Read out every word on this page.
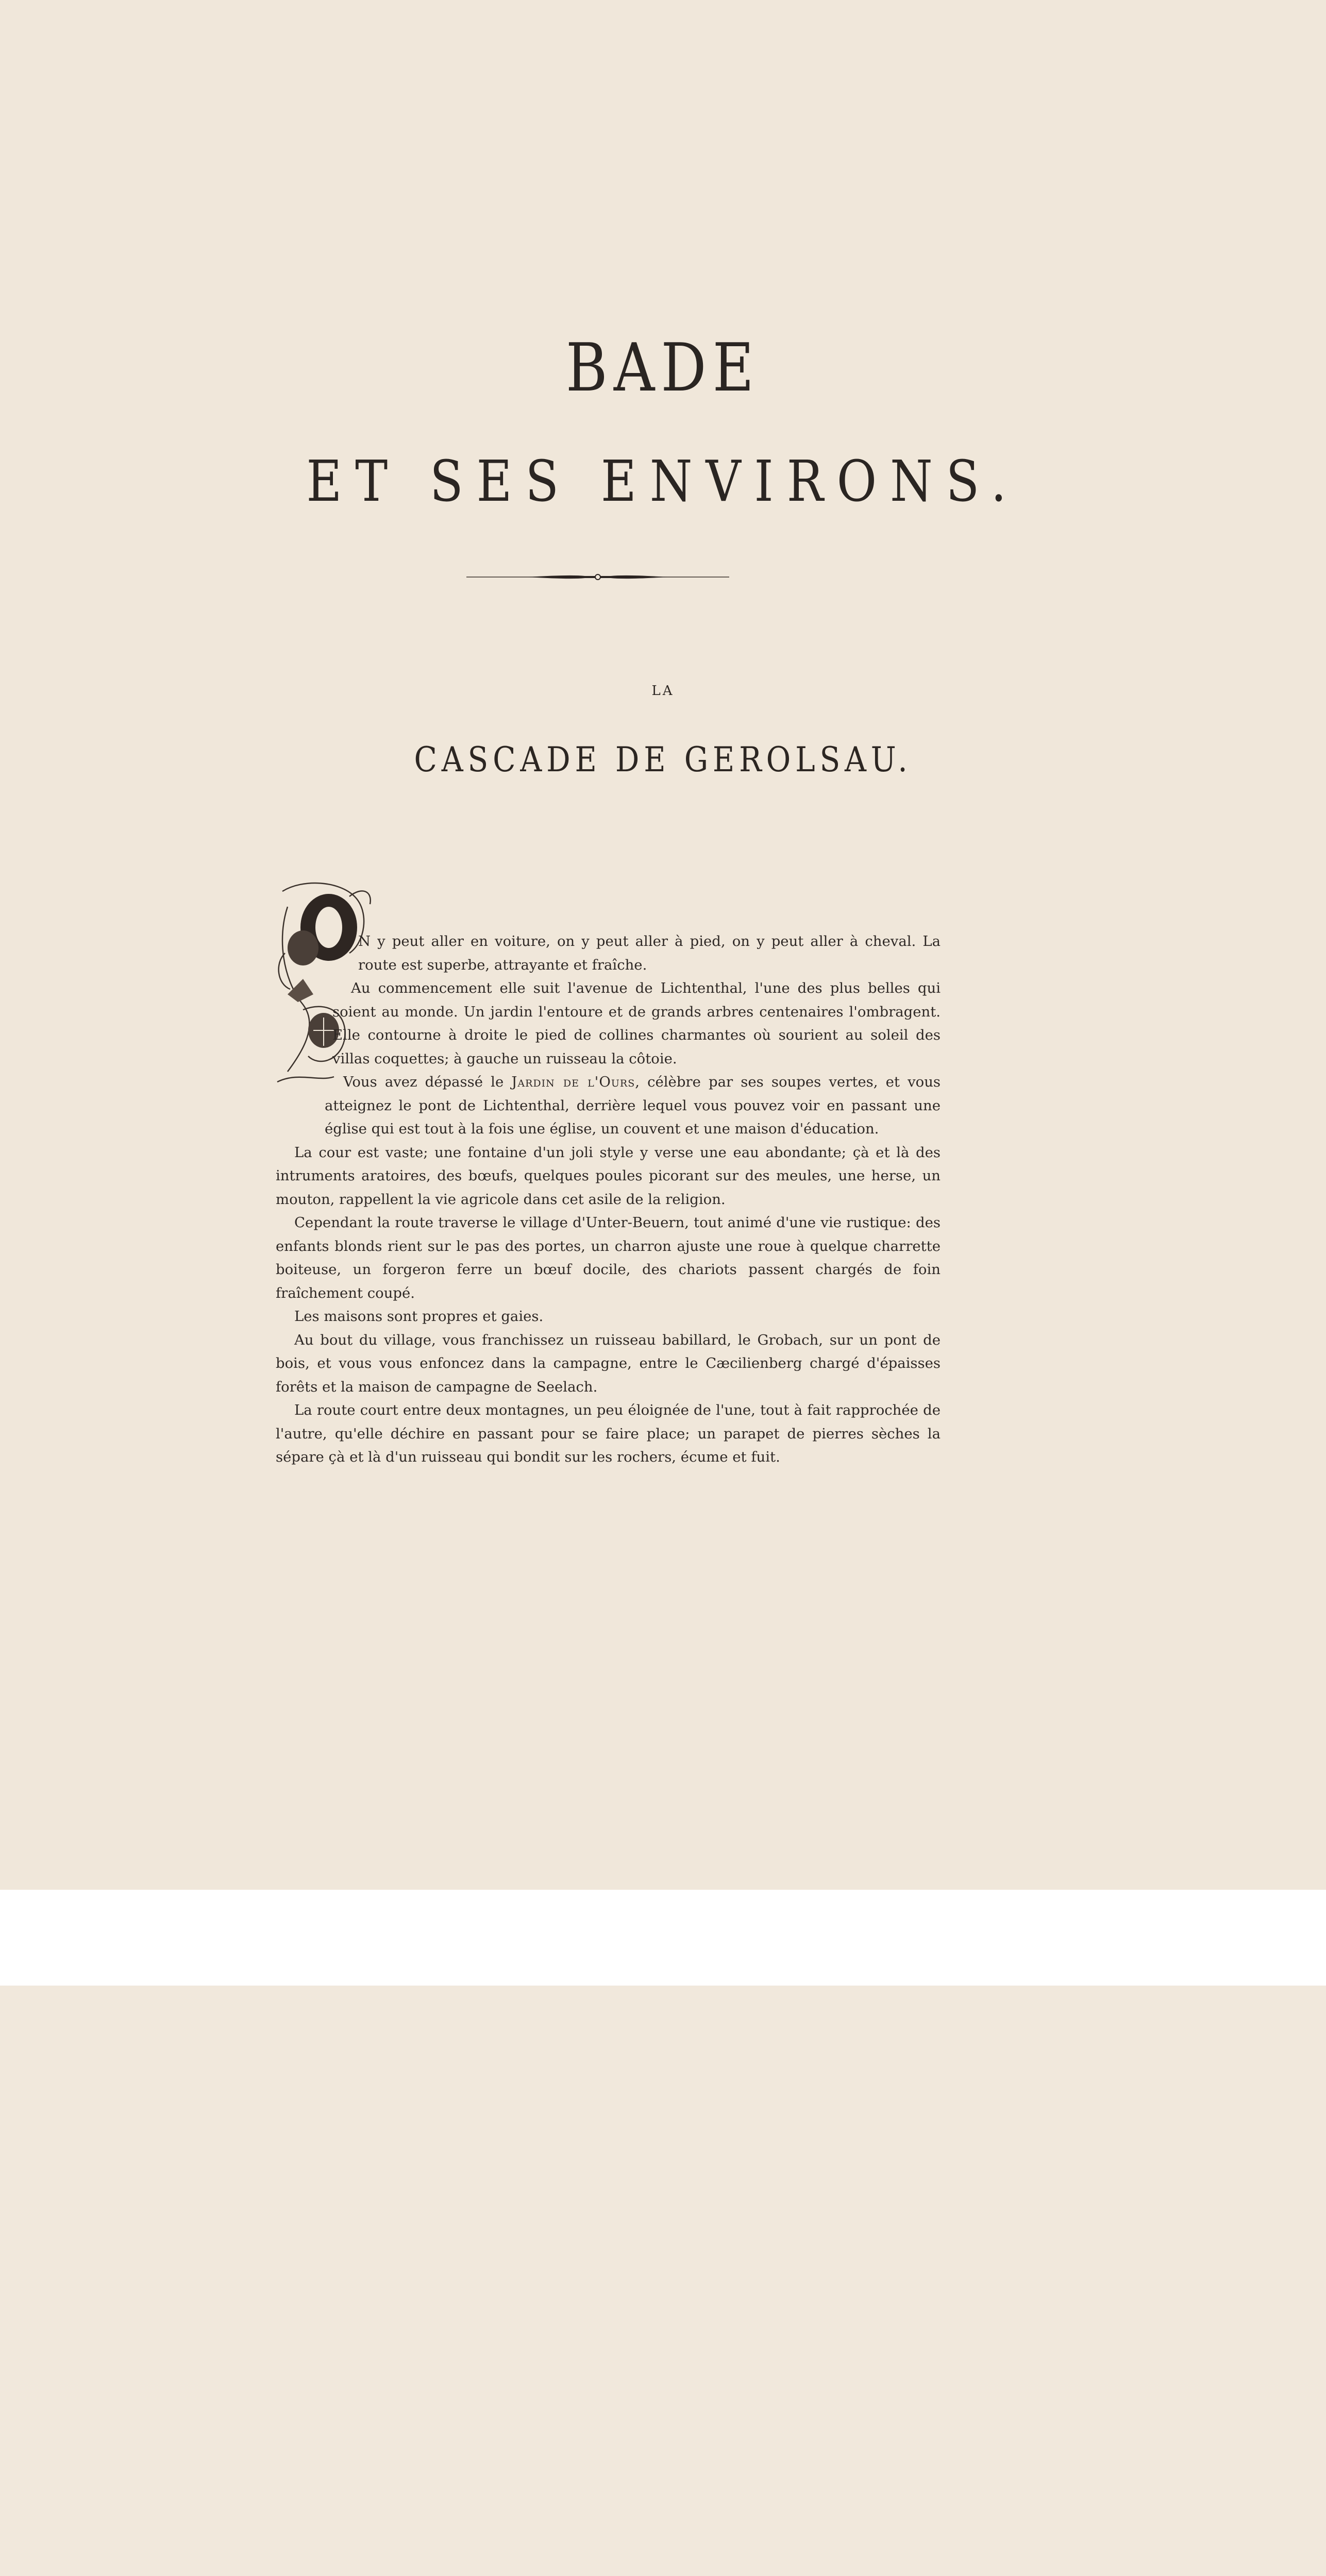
BADE
ET SES ENVIRONS.
LA
CASCADE DE GEROLSAU.

N y peut aller en voiture, on y peut aller à pied, on y peut aller à cheval. La route est superbe, attrayante et fraîche.

Au commencement elle suit l'avenue de Lichtenthal, l'une des plus belles qui soient au monde. Un jardin l'entoure et de grands arbres centenaires l'ombragent. Elle contourne à droite le pied de collines charmantes où sourient au soleil des villas coquettes; à gauche un ruisseau la côtoie.

Vous avez dépassé le Jardin de l'Ours, célèbre par ses soupes vertes, et vous atteignez le pont de Lichtenthal, derrière lequel vous pouvez voir en passant une église qui est tout à la fois une église, un couvent et une maison d'éducation.

La cour est vaste; une fontaine d'un joli style y verse une eau abondante; çà et là des intruments aratoires, des bœufs, quelques poules picorant sur des meules, une herse, un mouton, rappellent la vie agricole dans cet asile de la religion.

Cependant la route traverse le village d'Unter-Beuern, tout animé d'une vie rustique: des enfants blonds rient sur le pas des portes, un charron ajuste une roue à quelque charrette boiteuse, un forgeron ferre un bœuf docile, des chariots passent chargés de foin fraîchement coupé.

Les maisons sont propres et gaies.

Au bout du village, vous franchissez un ruisseau babillard, le Grobach, sur un pont de bois, et vous vous enfoncez dans la campagne, entre le Cæcilienberg chargé d'épaisses forêts et la maison de campagne de Seelach.

La route court entre deux montagnes, un peu éloignée de l'une, tout à fait rapprochée de l'autre, qu'elle déchire en passant pour se faire place; un parapet de pierres sèches la sépare çà et là d'un ruisseau qui bondit sur les rochers, écume et fuit.
